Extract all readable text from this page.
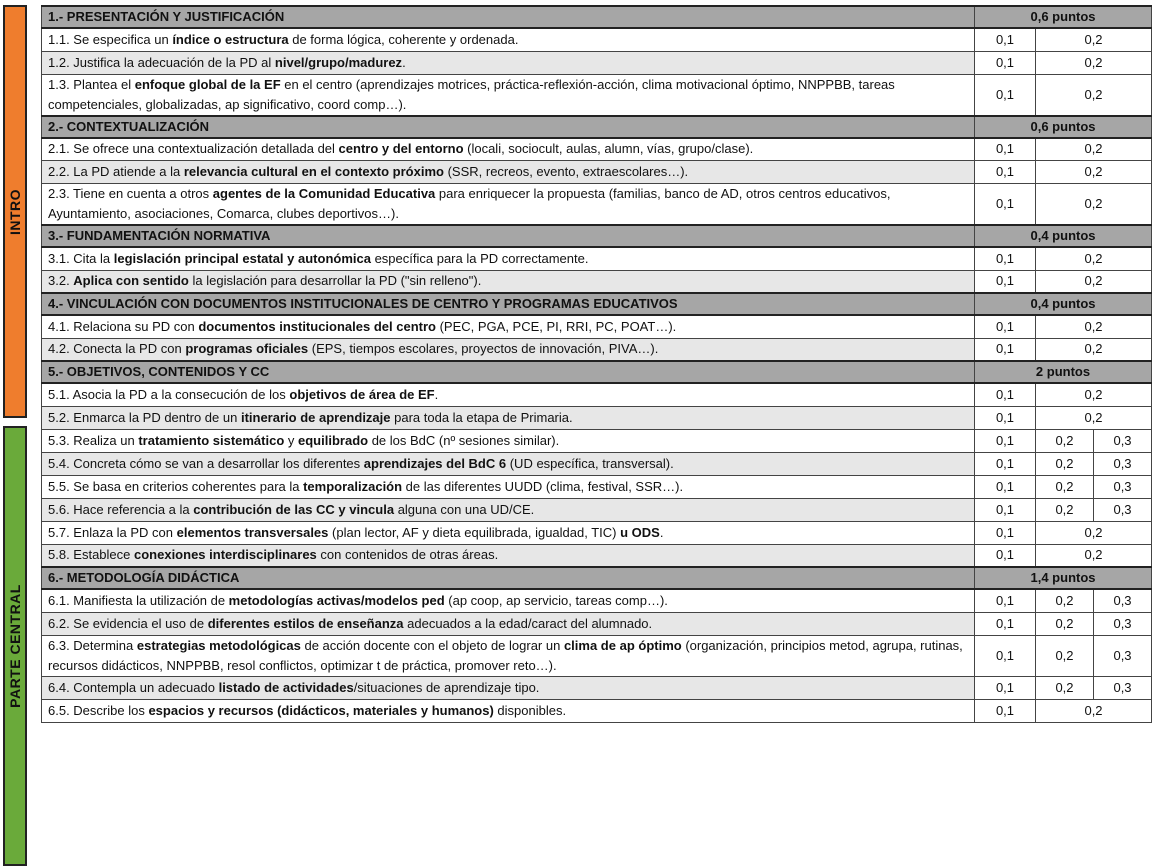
INTRO
PARTE CENTRAL
1.- PRESENTACIÓN Y JUSTIFICACIÓN	0,6 puntos		
1.1. Se especifica un índice o estructura de forma lógica, coherente y ordenada.	0,1	0,2	
1.2. Justifica la adecuación de la PD al nivel/grupo/madurez.	0,1	0,2	
1.3. Plantea el enfoque global de la EF en el centro (aprendizajes motrices, práctica-reflexión-acción, clima motivacional óptimo, NNPPBB, tareas competenciales, globalizadas, ap significativo, coord comp…).	0,1	0,2	
2.- CONTEXTUALIZACIÓN	0,6 puntos		
2.1. Se ofrece una contextualización detallada del centro y del entorno (locali, sociocult, aulas, alumn, vías, grupo/clase).	0,1	0,2	
2.2. La PD atiende a la relevancia cultural en el contexto próximo (SSR, recreos, evento, extraescolares…).	0,1	0,2	
2.3. Tiene en cuenta a otros agentes de la Comunidad Educativa para enriquecer la propuesta (familias, banco de AD, otros centros educativos, Ayuntamiento, asociaciones, Comarca, clubes deportivos…).	0,1	0,2	
3.- FUNDAMENTACIÓN NORMATIVA	0,4 puntos		
3.1. Cita la legislación principal estatal y autonómica específica para la PD correctamente.	0,1	0,2	
3.2. Aplica con sentido la legislación para desarrollar la PD ("sin relleno").	0,1	0,2	
4.- VINCULACIÓN CON DOCUMENTOS INSTITUCIONALES DE CENTRO Y PROGRAMAS EDUCATIVOS	0,4 puntos		
4.1. Relaciona su PD con documentos institucionales del centro (PEC, PGA, PCE, PI, RRI, PC, POAT…).	0,1	0,2	
4.2. Conecta la PD con programas oficiales (EPS, tiempos escolares, proyectos de innovación, PIVA…).	0,1	0,2	
5.- OBJETIVOS, CONTENIDOS Y CC	2 puntos		
5.1. Asocia la PD a la consecución de los objetivos de área de EF.	0,1	0,2	
5.2. Enmarca la PD dentro de un itinerario de aprendizaje para toda la etapa de Primaria.	0,1	0,2	
5.3. Realiza un tratamiento sistemático y equilibrado de los BdC (nº sesiones similar).	0,1	0,2	0,3
5.4. Concreta cómo se van a desarrollar los diferentes aprendizajes del BdC 6 (UD específica, transversal).	0,1	0,2	0,3
5.5. Se basa en criterios coherentes para la temporalización de las diferentes UUDD (clima, festival, SSR…).	0,1	0,2	0,3
5.6. Hace referencia a la contribución de las CC y vincula alguna con una UD/CE.	0,1	0,2	0,3
5.7. Enlaza la PD con elementos transversales (plan lector, AF y dieta equilibrada, igualdad, TIC) u ODS.	0,1	0,2	
5.8. Establece conexiones interdisciplinares con contenidos de otras áreas.	0,1	0,2	
6.- METODOLOGÍA DIDÁCTICA	1,4 puntos		
6.1. Manifiesta la utilización de metodologías activas/modelos ped (ap coop, ap servicio, tareas comp…).	0,1	0,2	0,3
6.2. Se evidencia el uso de diferentes estilos de enseñanza adecuados a la edad/caract del alumnado.	0,1	0,2	0,3
6.3. Determina estrategias metodológicas de acción docente con el objeto de lograr un clima de ap óptimo (organización, principios metod, agrupa, rutinas, recursos didácticos, NNPPBB, resol conflictos, optimizar t de práctica, promover reto…).	0,1	0,2	0,3
6.4. Contempla un adecuado listado de actividades/situaciones de aprendizaje tipo.	0,1	0,2	0,3
6.5. Describe los espacios y recursos (didácticos, materiales y humanos) disponibles.	0,1	0,2	
